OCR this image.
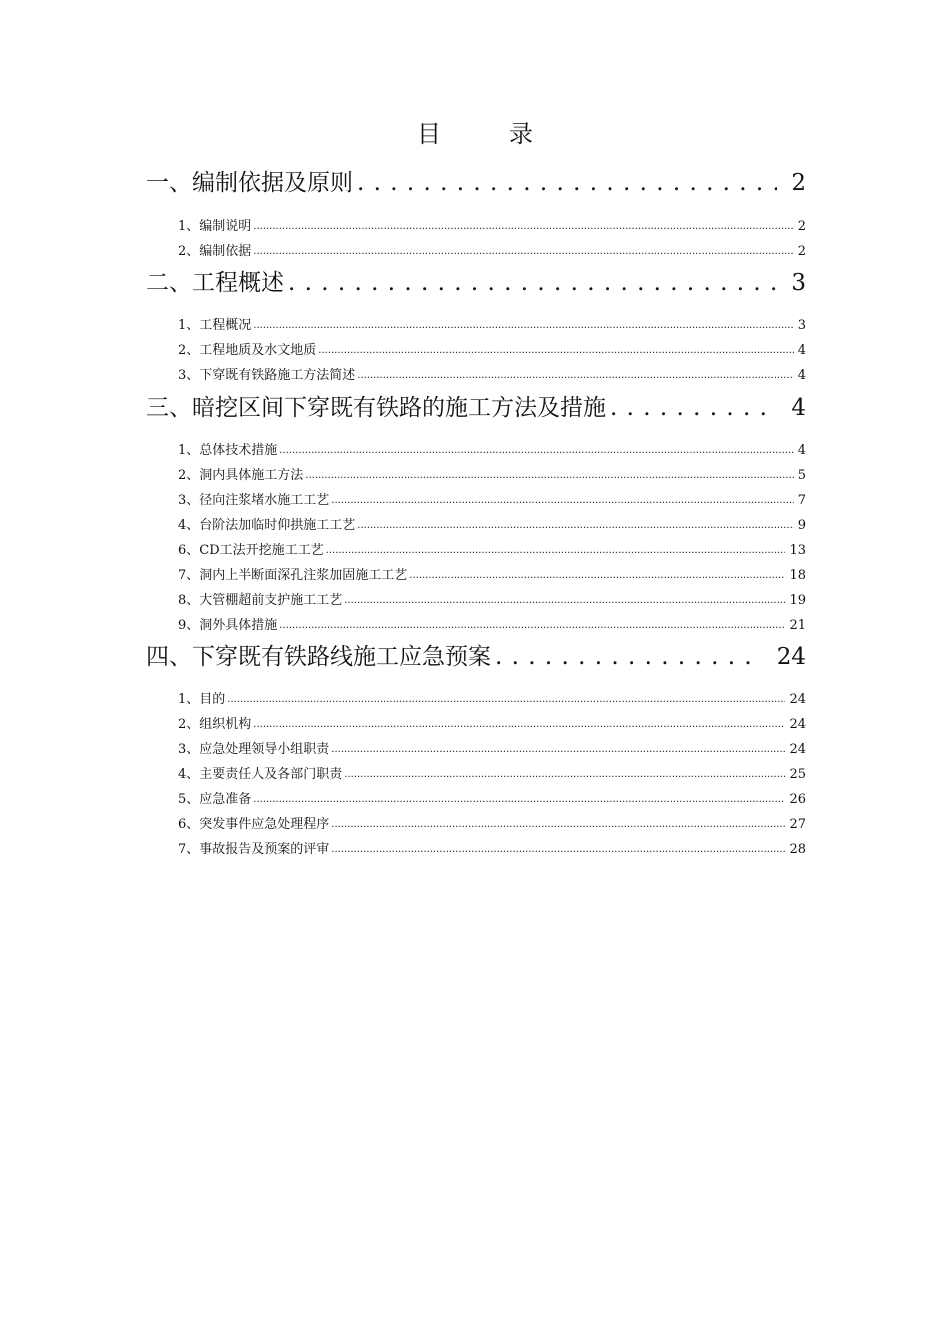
目　录
一、编制依据及原则 . . .	2
1、编制说明 .....	2
2、编制依据 .....	2
二、工程概述 . . .	3
1、工程概况 .....	3
2、工程地质及水文地质 .....	4
3、下穿既有铁路施工方法简述 .....	4
三、暗挖区间下穿既有铁路的施工方法及措施 . . .	4
1、总体技术措施 .....	4
2、洞内具体施工方法 .....	5
3、径向注浆堵水施工工艺 .....	7
4、台阶法加临时仰拱施工工艺 .....	9
6、CD工法开挖施工工艺 .....	13
7、洞内上半断面深孔注浆加固施工工艺 .....	18
8、大管棚超前支护施工工艺 .....	19
9、洞外具体措施 .....	21
四、下穿既有铁路线施工应急预案 . . .	24
1、目的 .....	24
2、组织机构 .....	24
3、应急处理领导小组职责 .....	24
4、主要责任人及各部门职责 .....	25
5、应急准备 .....	26
6、突发事件应急处理程序 .....	27
7、事故报告及预案的评审 .....	28
